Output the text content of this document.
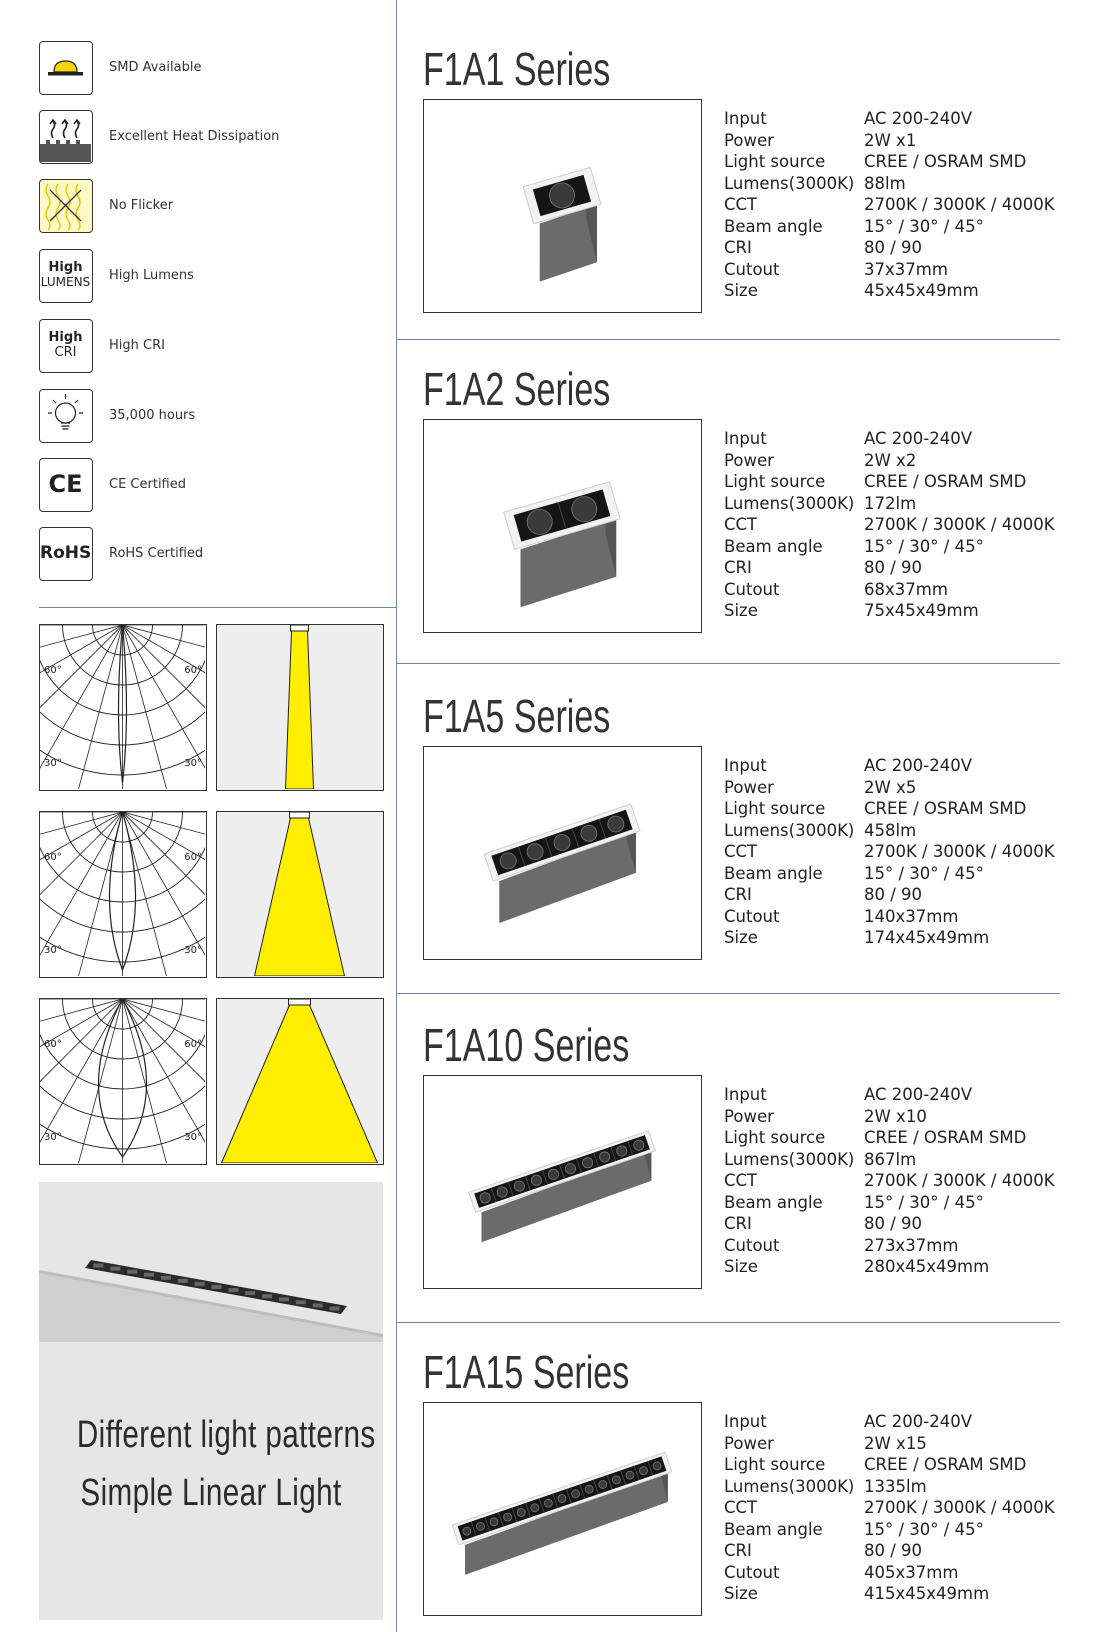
SMD Available
Excellent Heat Dissipation
No Flicker
High
LUMENS High Lumens
High
CRI	High CRI
35,000 hours
CE	CE Certified
RoHS RoHS Certified
60°	60°
30°	30°
60°	60°
30°	30°
60°	60°
30°	30°
Different light patterns
Simple Linear Light
F1A1 Series
Input	AC 200-240V
Power	2W x1
Light source CREE / OSRAM SMD
Lumens(3000K) 88lm
CCT	2700K / 3000K / 4000K
Beam angle	15° / 30° / 45°
CRI	80 / 90
Cutout	37x37mm
Size	45x45x49mm
F1A2 Series
Input	AC 200-240V
Power	2W x2
Light source CREE / OSRAM SMD
Lumens(3000K) 172lm
CCT	2700K / 3000K / 4000K
Beam angle	15° / 30° / 45°
CRI	80 / 90
Cutout	68x37mm
Size	75x45x49mm
F1A5 Series
Input	AC 200-240V
Power	2W x5
Light source CREE / OSRAM SMD
Lumens(3000K) 458lm
CCT	2700K / 3000K / 4000K
Beam angle	15° / 30° / 45°
CRI	80 / 90
Cutout	140x37mm
Size	174x45x49mm
F1A10 Series
Input	AC 200-240V
Power	2W x10
Light source CREE / OSRAM SMD
Lumens(3000K) 867lm
CCT	2700K / 3000K / 4000K
Beam angle	15° / 30° / 45°
CRI	80 / 90
Cutout	273x37mm
Size	280x45x49mm
F1A15 Series
Input	AC 200-240V
Power	2W x15
Light source CREE / OSRAM SMD
Lumens(3000K) 1335lm
CCT	2700K / 3000K / 4000K
Beam angle	15° / 30° / 45°
CRI	80 / 90
Cutout	405x37mm
Size	415x45x49mm
